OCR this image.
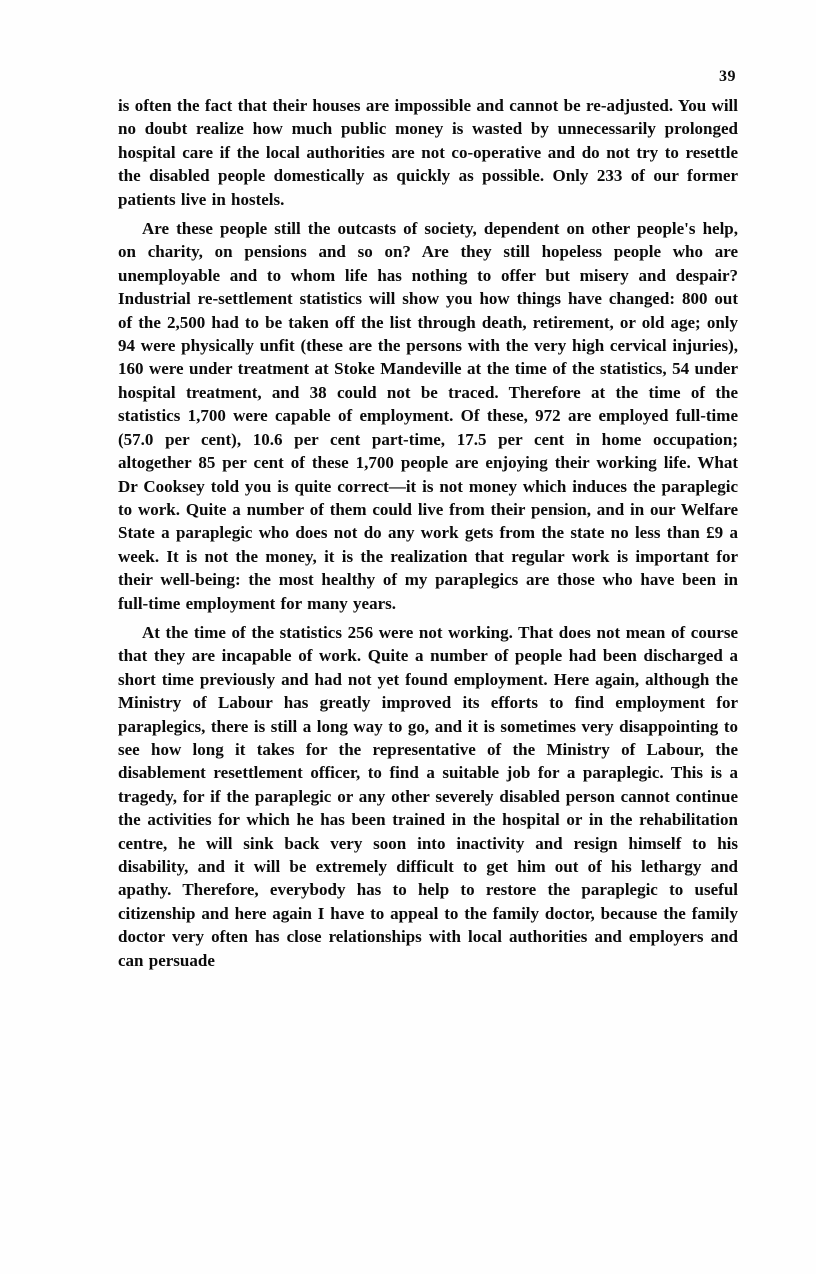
39

is often the fact that their houses are impossible and cannot be re-adjusted. You will no doubt realize how much public money is wasted by unnecessarily prolonged hospital care if the local authorities are not co-operative and do not try to resettle the disabled people domestically as quickly as possible. Only 233 of our former patients live in hostels.

Are these people still the outcasts of society, dependent on other people's help, on charity, on pensions and so on? Are they still hopeless people who are unemployable and to whom life has nothing to offer but misery and despair? Industrial re-settlement statistics will show you how things have changed: 800 out of the 2,500 had to be taken off the list through death, retirement, or old age; only 94 were physically unfit (these are the persons with the very high cervical injuries), 160 were under treatment at Stoke Mandeville at the time of the statistics, 54 under hospital treatment, and 38 could not be traced. Therefore at the time of the statistics 1,700 were capable of employment. Of these, 972 are employed full-time (57.0 per cent), 10.6 per cent part-time, 17.5 per cent in home occupation; altogether 85 per cent of these 1,700 people are enjoying their working life. What Dr Cooksey told you is quite correct—it is not money which induces the paraplegic to work. Quite a number of them could live from their pension, and in our Welfare State a paraplegic who does not do any work gets from the state no less than £9 a week. It is not the money, it is the realization that regular work is important for their well-being: the most healthy of my paraplegics are those who have been in full-time employment for many years.

At the time of the statistics 256 were not working. That does not mean of course that they are incapable of work. Quite a number of people had been discharged a short time previously and had not yet found employment. Here again, although the Ministry of Labour has greatly improved its efforts to find employment for paraplegics, there is still a long way to go, and it is sometimes very disappointing to see how long it takes for the representative of the Ministry of Labour, the disablement resettlement officer, to find a suitable job for a paraplegic. This is a tragedy, for if the paraplegic or any other severely disabled person cannot continue the activities for which he has been trained in the hospital or in the rehabilitation centre, he will sink back very soon into inactivity and resign himself to his disability, and it will be extremely difficult to get him out of his lethargy and apathy. Therefore, everybody has to help to restore the paraplegic to useful citizenship and here again I have to appeal to the family doctor, because the family doctor very often has close relationships with local authorities and employers and can persuade
